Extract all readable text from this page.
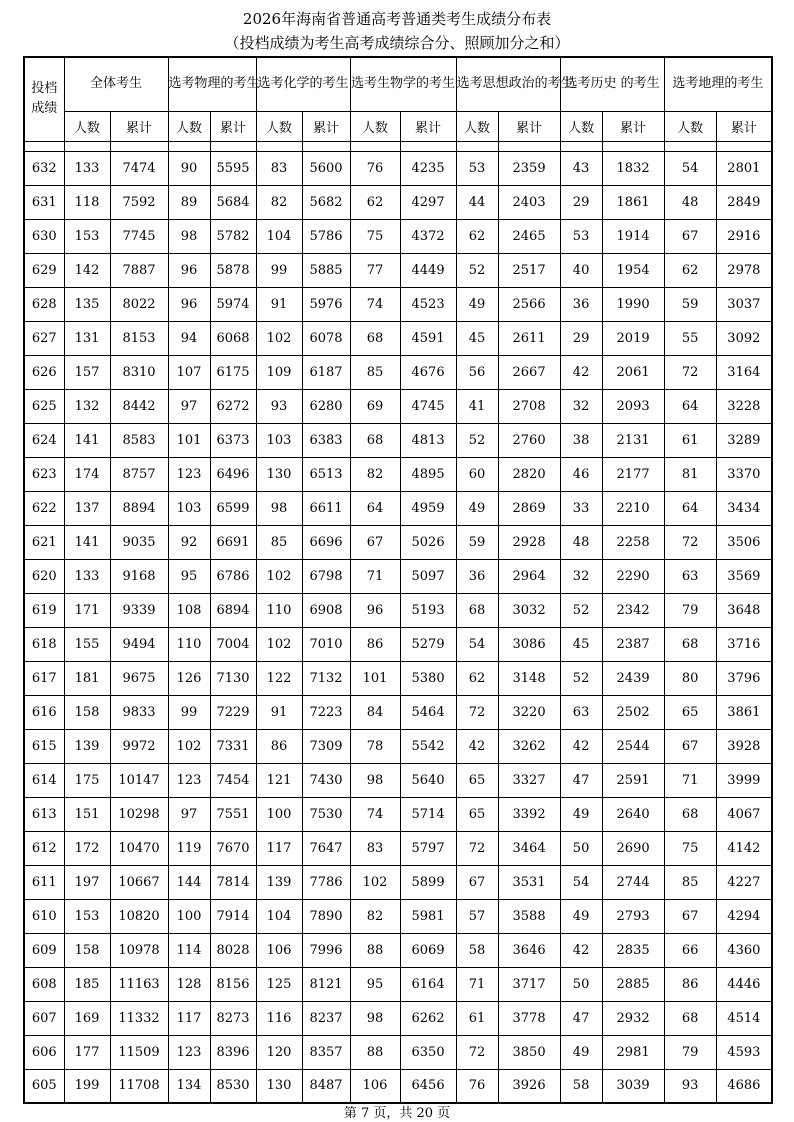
2026年海南省普通高考普通类考生成绩分布表
（投档成绩为考生高考成绩综合分、照顾加分之和）
投档成绩	全体考生		选考物理的考生		选考化学的考生		选考生物学的考生		选考思想政治的考生		选考历史 的考生		选考地理的考生	
	人数	累计	人数	累计	人数	累计	人数	累计	人数	累计	人数	累计	人数	累计

632	133	7474	90	5595	83	5600	76	4235	53	2359	43	1832	54	2801
631	118	7592	89	5684	82	5682	62	4297	44	2403	29	1861	48	2849
630	153	7745	98	5782	104	5786	75	4372	62	2465	53	1914	67	2916
629	142	7887	96	5878	99	5885	77	4449	52	2517	40	1954	62	2978
628	135	8022	96	5974	91	5976	74	4523	49	2566	36	1990	59	3037
627	131	8153	94	6068	102	6078	68	4591	45	2611	29	2019	55	3092
626	157	8310	107	6175	109	6187	85	4676	56	2667	42	2061	72	3164
625	132	8442	97	6272	93	6280	69	4745	41	2708	32	2093	64	3228
624	141	8583	101	6373	103	6383	68	4813	52	2760	38	2131	61	3289
623	174	8757	123	6496	130	6513	82	4895	60	2820	46	2177	81	3370
622	137	8894	103	6599	98	6611	64	4959	49	2869	33	2210	64	3434
621	141	9035	92	6691	85	6696	67	5026	59	2928	48	2258	72	3506
620	133	9168	95	6786	102	6798	71	5097	36	2964	32	2290	63	3569
619	171	9339	108	6894	110	6908	96	5193	68	3032	52	2342	79	3648
618	155	9494	110	7004	102	7010	86	5279	54	3086	45	2387	68	3716
617	181	9675	126	7130	122	7132	101	5380	62	3148	52	2439	80	3796
616	158	9833	99	7229	91	7223	84	5464	72	3220	63	2502	65	3861
615	139	9972	102	7331	86	7309	78	5542	42	3262	42	2544	67	3928
614	175	10147	123	7454	121	7430	98	5640	65	3327	47	2591	71	3999
613	151	10298	97	7551	100	7530	74	5714	65	3392	49	2640	68	4067
612	172	10470	119	7670	117	7647	83	5797	72	3464	50	2690	75	4142
611	197	10667	144	7814	139	7786	102	5899	67	3531	54	2744	85	4227
610	153	10820	100	7914	104	7890	82	5981	57	3588	49	2793	67	4294
609	158	10978	114	8028	106	7996	88	6069	58	3646	42	2835	66	4360
608	185	11163	128	8156	125	8121	95	6164	71	3717	50	2885	86	4446
607	169	11332	117	8273	116	8237	98	6262	61	3778	47	2932	68	4514
606	177	11509	123	8396	120	8357	88	6350	72	3850	49	2981	79	4593
605	199	11708	134	8530	130	8487	106	6456	76	3926	58	3039	93	4686
第 7 页，共 20 页
